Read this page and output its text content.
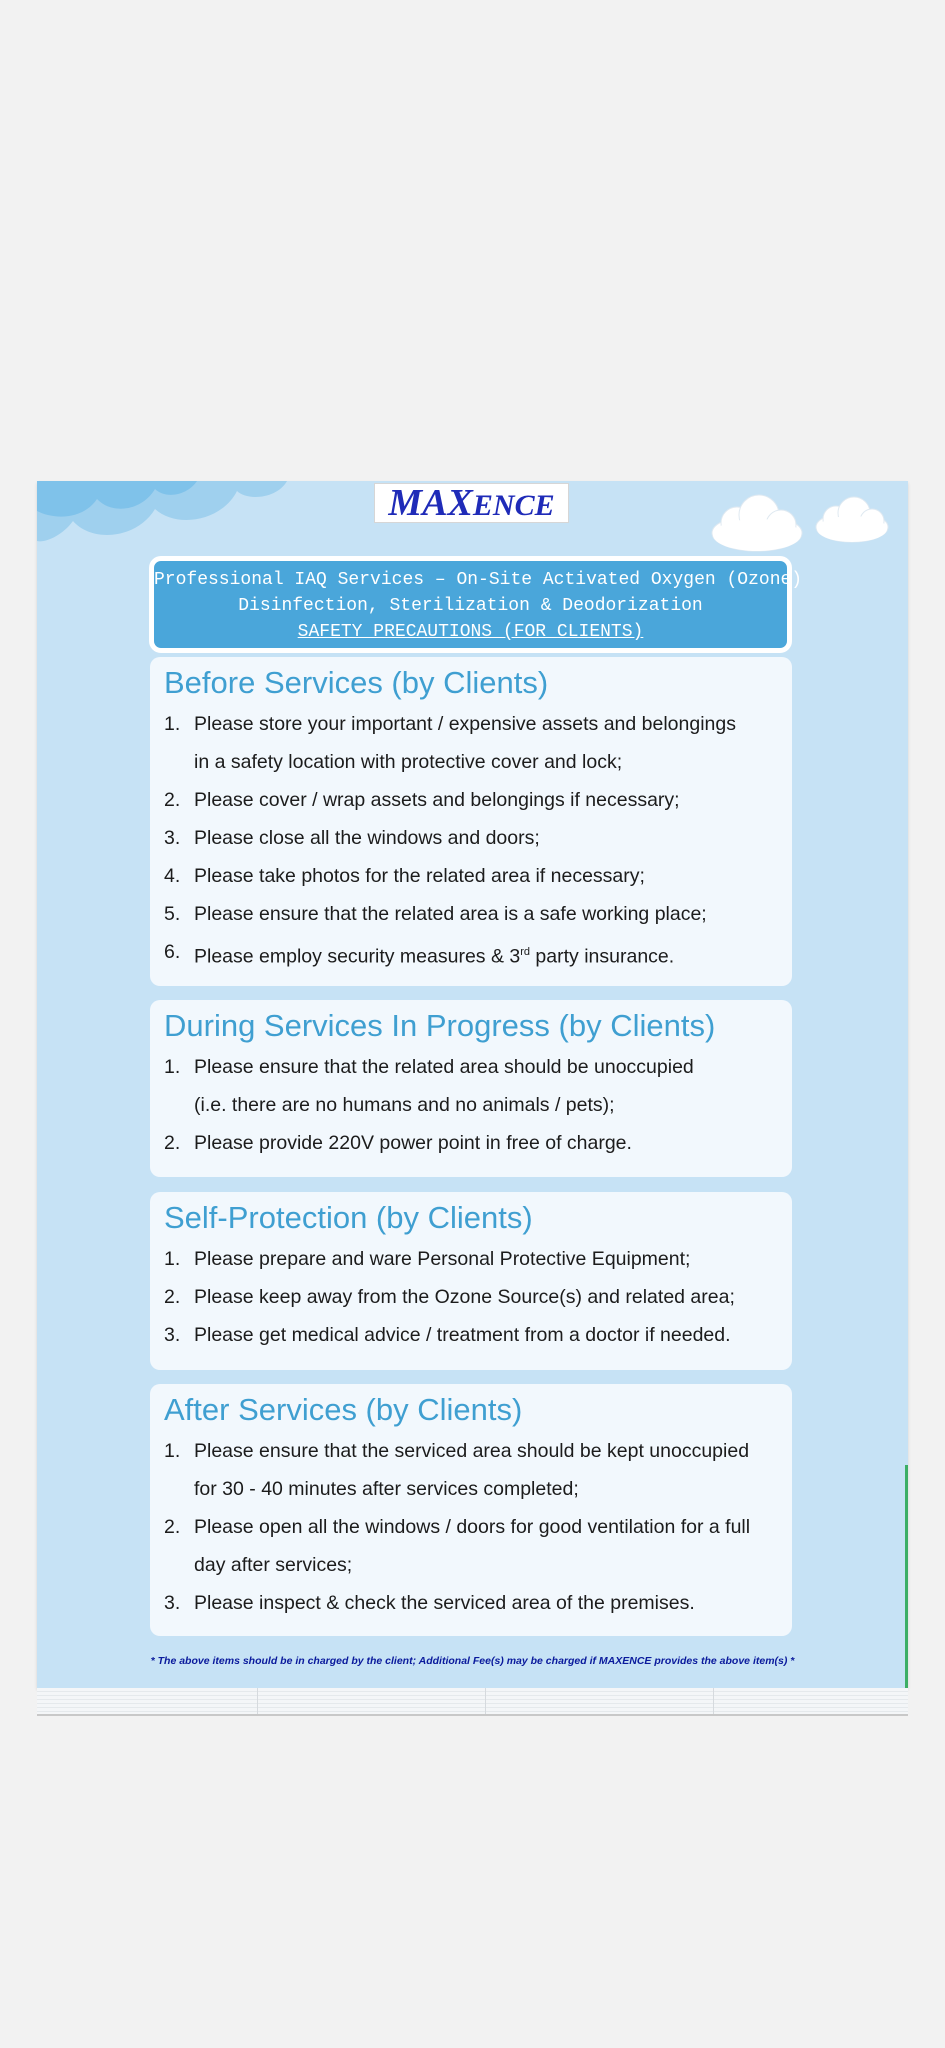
MAXENCE
Professional IAQ Services – On-Site Activated Oxygen (Ozone)
Disinfection, Sterilization & Deodorization
SAFETY PRECAUTIONS (FOR CLIENTS)
Before Services (by Clients)
1. Please store your important / expensive assets and belongings
in a safety location with protective cover and lock;
2. Please cover / wrap assets and belongings if necessary;
3. Please close all the windows and doors;
4. Please take photos for the related area if necessary;
5. Please ensure that the related area is a safe working place;
6. Please employ security measures & 3rd party insurance.
During Services In Progress (by Clients)
1. Please ensure that the related area should be unoccupied
(i.e. there are no humans and no animals / pets);
2. Please provide 220V power point in free of charge.
Self-Protection (by Clients)
1. Please prepare and ware Personal Protective Equipment;
2. Please keep away from the Ozone Source(s) and related area;
3. Please get medical advice / treatment from a doctor if needed.
After Services (by Clients)
1. Please ensure that the serviced area should be kept unoccupied
for 30 - 40 minutes after services completed;
2. Please open all the windows / doors for good ventilation for a full
day after services;
3. Please inspect & check the serviced area of the premises.
* The above items should be in charged by the client; Additional Fee(s) may be charged if MAXENCE provides the above item(s) *
